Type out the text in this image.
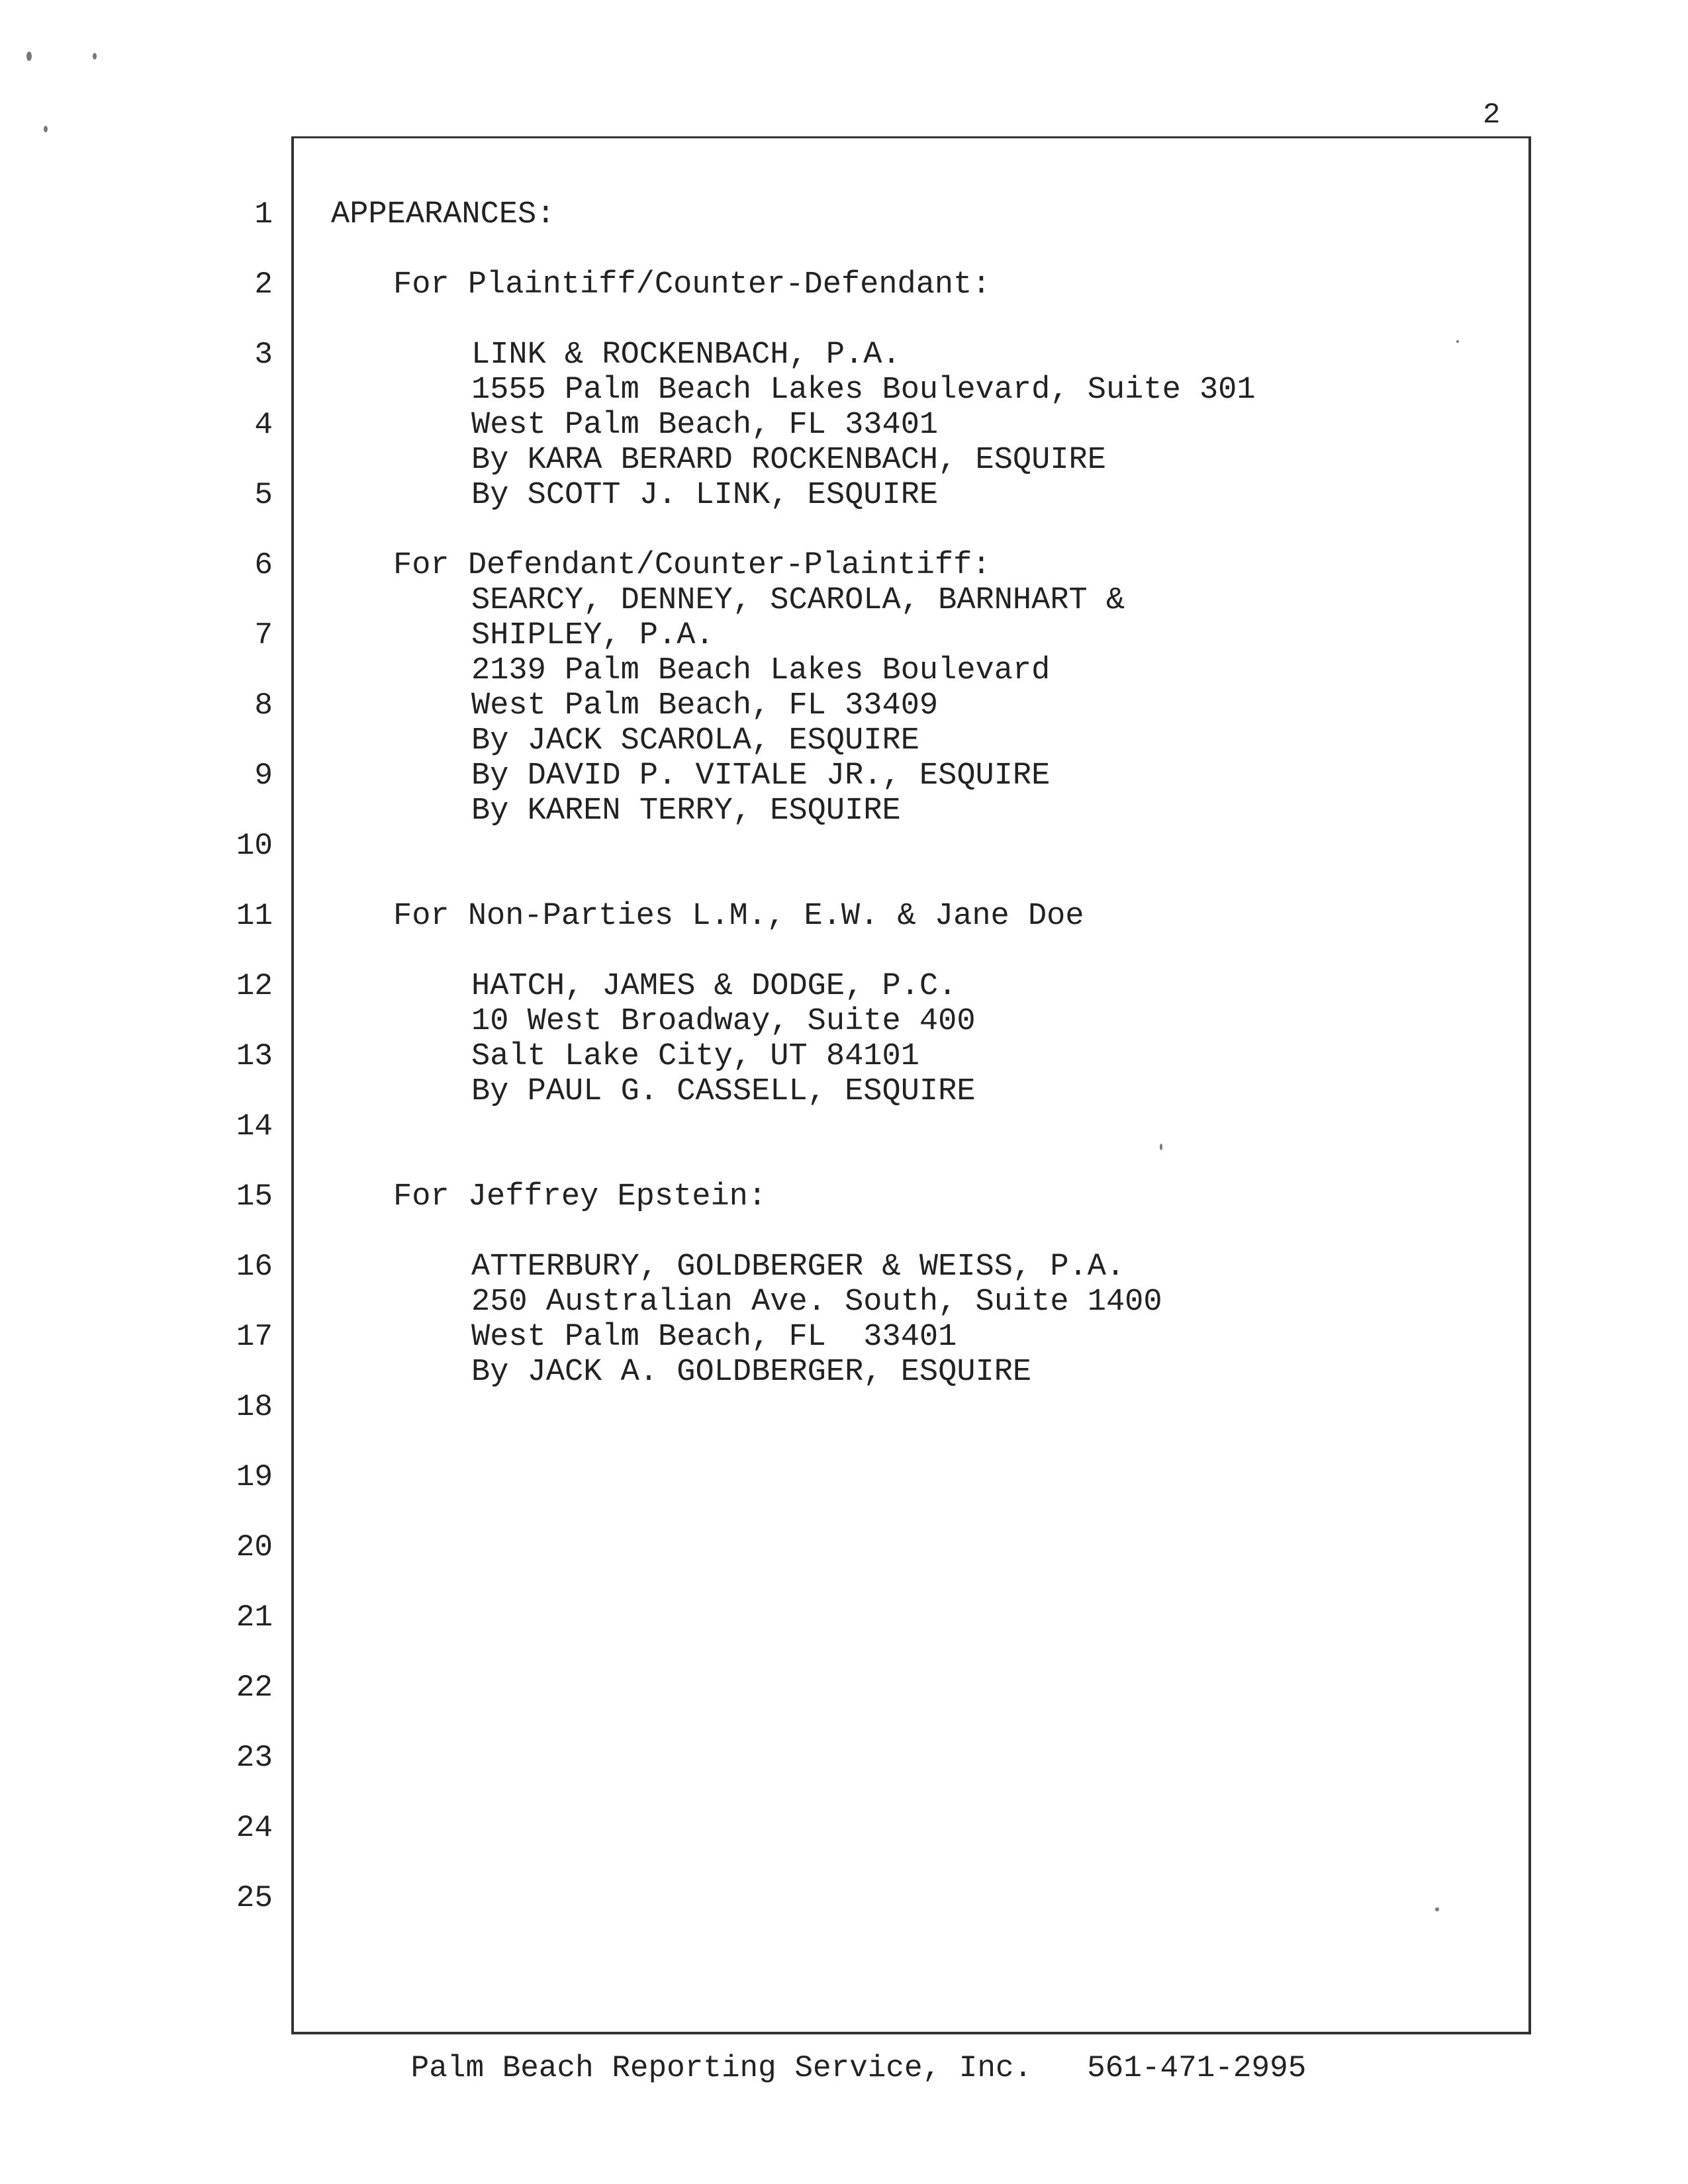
2
1
2
3
4
5
6
7
8
9
10
11
12
13
14
15
16
17
18
19
20
21
22
23
24
25
APPEARANCES:
For Plaintiff/Counter-Defendant:
LINK & ROCKENBACH, P.A.
1555 Palm Beach Lakes Boulevard, Suite 301
West Palm Beach, FL 33401
By KARA BERARD ROCKENBACH, ESQUIRE
By SCOTT J. LINK, ESQUIRE
For Defendant/Counter-Plaintiff:
SEARCY, DENNEY, SCAROLA, BARNHART &
SHIPLEY, P.A.
2139 Palm Beach Lakes Boulevard
West Palm Beach, FL 33409
By JACK SCAROLA, ESQUIRE
By DAVID P. VITALE JR., ESQUIRE
By KAREN TERRY, ESQUIRE
For Non-Parties L.M., E.W. & Jane Doe
HATCH, JAMES & DODGE, P.C.
10 West Broadway, Suite 400
Salt Lake City, UT 84101
By PAUL G. CASSELL, ESQUIRE
For Jeffrey Epstein:
ATTERBURY, GOLDBERGER & WEISS, P.A.
250 Australian Ave. South, Suite 1400
West Palm Beach, FL  33401
By JACK A. GOLDBERGER, ESQUIRE
Palm Beach Reporting Service, Inc. 561-471-2995
